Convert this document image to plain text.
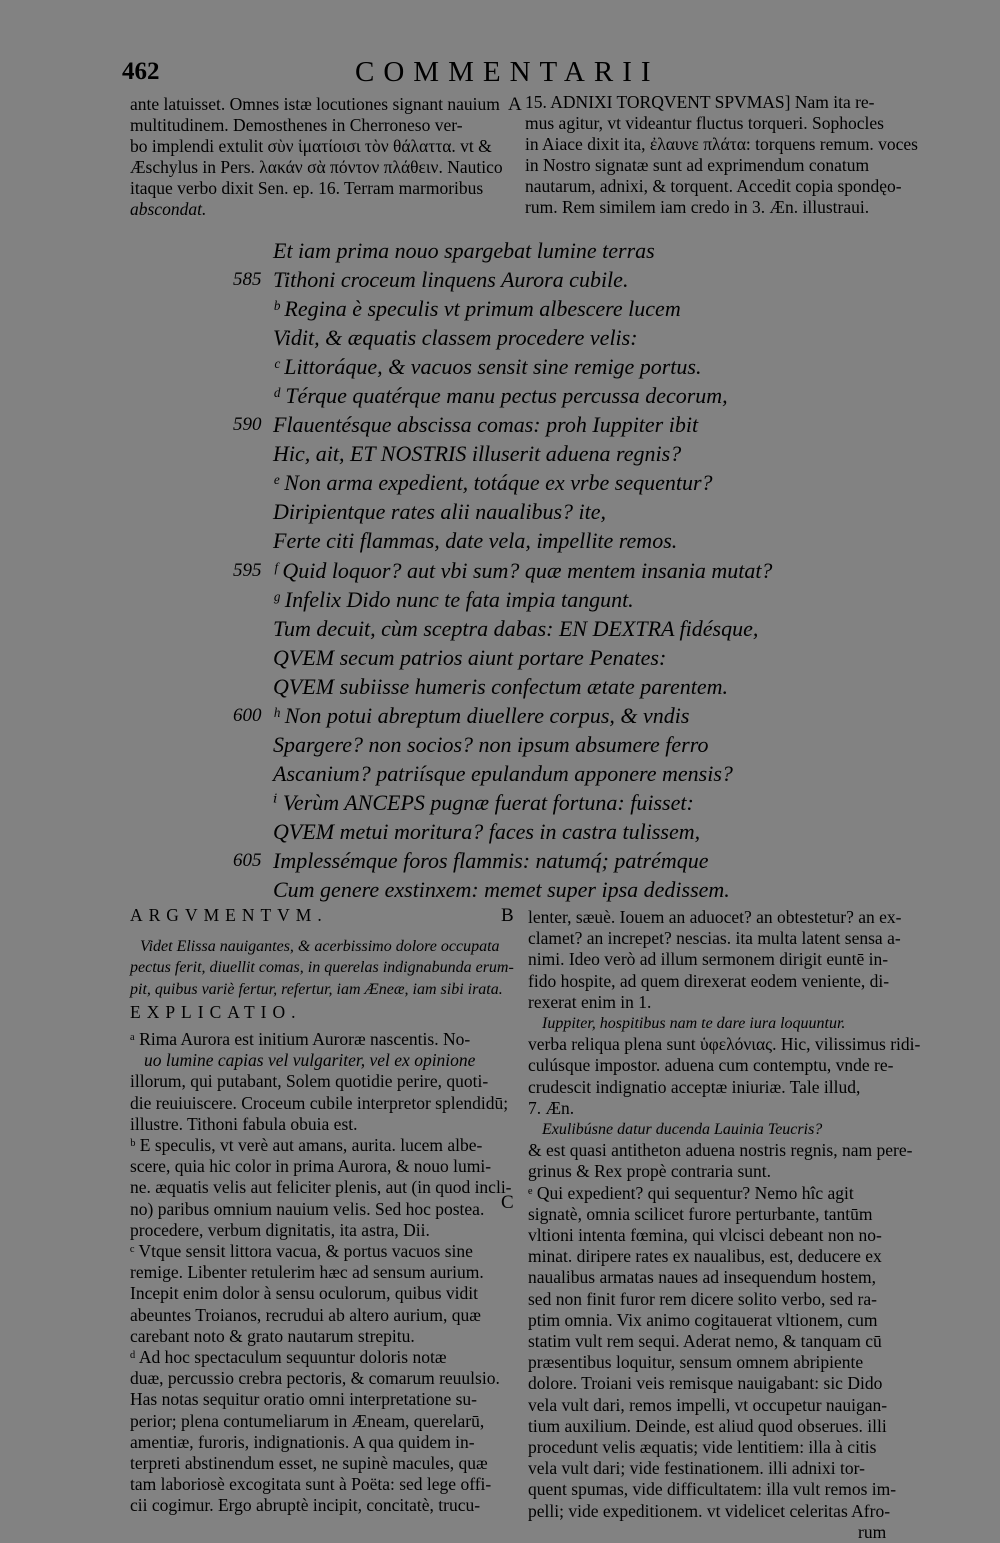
462	COMMENTARII

ante latuisset. Omnes istæ locutiones signant nauium

multitudinem. Demosthenes in Cherroneso ver-

bo implendi extulit σὺν ἱματίοισι τὸν θάλαττα. vt &

Æschylus in Pers. λακάν σὰ πόντον πλάθειν. Nautico

itaque verbo dixit Sen. ep. 16. Terram marmoribus

abscondat.

A 15. ADNIXI TORQVENT SPVMAS] Nam ita re-

mus agitur, vt videantur fluctus torqueri. Sophocles

in Aiace dixit ita, ἐλαυνε πλάτα: torquens remum. voces

in Nostro signatæ sunt ad exprimendum conatum

nautarum, adnixi, & torquent. Accedit copia spondęo-

rum. Rem similem iam credo in 3. Æn. illustraui.

Et iam prima nouo spargebat lumine terras
585 Tithoni croceum linquens Aurora cubile.
ᵇ Regina è speculis vt primum albescere lucem
Vidit, & æquatis classem procedere velis:
ᶜ Littoráque, & vacuos sensit sine remige portus.
ᵈ Térque quatérque manu pectus percussa decorum,
590 Flauentésque abscissa comas: proh Iuppiter ibit
Hic, ait, ET NOSTRIS illuserit aduena regnis?
ᵉ Non arma expedient, totáque ex vrbe sequentur?
Diripientque rates alii naualibus? ite,
Ferte citi flammas, date vela, impellite remos.
595 ᶠ Quid loquor? aut vbi sum? quæ mentem insania mutat?
ᵍ Infelix Dido nunc te fata impia tangunt.
Tum decuit, cùm sceptra dabas: EN DEXTRA fidésque,
QVEM secum patrios aiunt portare Penates:
QVEM subiisse humeris confectum ætate parentem.
600 ʰ Non potui abreptum diuellere corpus, & vndis
Spargere? non socios? non ipsum absumere ferro
Ascanium? patriísque epulandum apponere mensis?
ⁱ Verùm ANCEPS pugnæ fuerat fortuna: fuisset:
QVEM metui moritura? faces in castra tulissem,
605 Implessémque foros flammis: natumq́; patrémque
Cum genere exstinxem: memet super ipsa dedissem.

ARGVMENTVM.

Videt Elissa nauigantes, & acerbissimo dolore occupata

pectus ferit, diuellit comas, in querelas indignabunda erum-

pit, quibus variè fertur, refertur, iam Æneæ, iam sibi irata.

EXPLICATIO.

ᵃ Rima Aurora est initium Auroræ nascentis. No-

uo lumine capias vel vulgariter, vel ex opinione

illorum, qui putabant, Solem quotidie perire, quoti-

die reuiuiscere. Croceum cubile interpretor splendidū;

illustre. Tithoni fabula obuia est.

ᵇ E speculis, vt verè aut amans, aurita. lucem albe-

scere, quia hic color in prima Aurora, & nouo lumi-

ne. æquatis velis aut feliciter plenis, aut (in quod incli-

no) paribus omnium nauium velis. Sed hoc postea.

procedere, verbum dignitatis, ita astra, Dii.

ᶜ Vtque sensit littora vacua, & portus vacuos sine

remige. Libenter retulerim hæc ad sensum aurium.

Incepit enim dolor à sensu oculorum, quibus vidit

abeuntes Troianos, recrudui ab altero aurium, quæ

carebant noto & grato nautarum strepitu.

ᵈ Ad hoc spectaculum sequuntur doloris notæ

duæ, percussio crebra pectoris, & comarum reuulsio.

Has notas sequitur oratio omni interpretatione su-

perior; plena contumeliarum in Æneam, querelarū,

amentiæ, furoris, indignationis. A qua quidem in-

terpreti abstinendum esset, ne supinè macules, quæ

tam laboriosè excogitata sunt à Poëta: sed lege offi-

cii cogimur. Ergo abruptè incipit, concitatè, trucu-

B
C

lenter, sæuè. Iouem an aduocet? an obtestetur? an ex-

clamet? an increpet? nescias. ita multa latent sensa a-

nimi. Ideo verò ad illum sermonem dirigit euntē in-

fido hospite, ad quem direxerat eodem veniente, di-

rexerat enim in 1.

Iuppiter, hospitibus nam te dare iura loquuntur.

verba reliqua plena sunt ὑφελόνιας. Hic, vilissimus ridi-

culúsque impostor. aduena cum contemptu, vnde re-

crudescit indignatio acceptæ iniuriæ. Tale illud,

7. Æn.

Exulibúsne datur ducenda Lauinia Teucris?

& est quasi antitheton aduena nostris regnis, nam pere-

grinus & Rex propè contraria sunt.

ᵉ Qui expedient? qui sequentur? Nemo hîc agit

signatè, omnia scilicet furore perturbante, tantūm

vltioni intenta fœmina, qui vlcisci debeant non no-

minat. diripere rates ex naualibus, est, deducere ex

naualibus armatas naues ad insequendum hostem,

sed non finit furor rem dicere solito verbo, sed ra-

ptim omnia. Vix animo cogitauerat vltionem, cum

statim vult rem sequi. Aderat nemo, & tanquam cū

præsentibus loquitur, sensum omnem abripiente

dolore. Troiani veis remisque nauigabant: sic Dido

vela vult dari, remos impelli, vt occupetur nauigan-

tium auxilium. Deinde, est aliud quod obserues. illi

procedunt velis æquatis; vide lentitiem: illa à citis

vela vult dari; vide festinationem. illi adnixi tor-

quent spumas, vide difficultatem: illa vult remos im-

pelli; vide expeditionem. vt videlicet celeritas Afro-

rum
